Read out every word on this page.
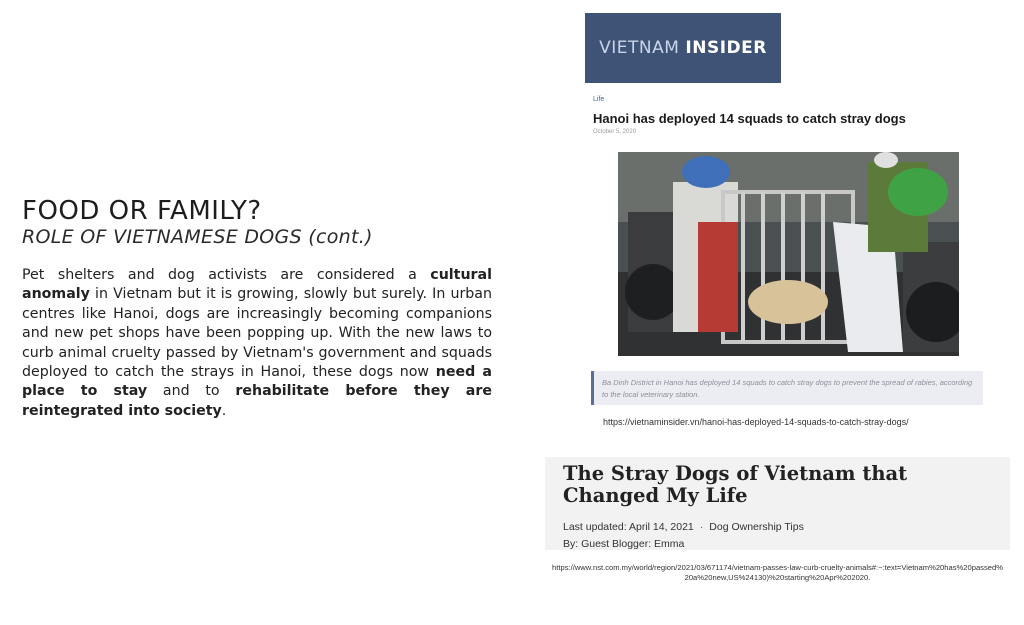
FOOD OR FAMILY?
ROLE OF VIETNAMESE DOGS (cont.)

Pet shelters and dog activists are considered a cultural anomaly in Vietnam but it is growing, slowly but surely. In urban centres like Hanoi, dogs are increasingly becoming companions and new pet shops have been popping up. With the new laws to curb animal cruelty passed by Vietnam's government and squads deployed to catch the strays in Hanoi, these dogs now need a place to stay and to rehabilitate before they are reintegrated into society.

VIETNAM INSIDER
Life
Hanoi has deployed 14 squads to catch stray dogs
October 5, 2020
Ba Dinh District in Hanoi has deployed 14 squads to catch stray dogs to prevent the spread of rabies, according to the local veterinary station.
https://vietnaminsider.vn/hanoi-has-deployed-14-squads-to-catch-stray-dogs/
The Stray Dogs of Vietnam that Changed My Life
Last updated: April 14, 2021 · Dog Ownership Tips
By: Guest Blogger: Emma
https://www.nst.com.my/world/region/2021/03/671174/vietnam-passes-law-curb-cruelty-animals#:~:text=Vietnam%20has%20passed%20a%20new,US%24130)%20starting%20Apr%202020.
